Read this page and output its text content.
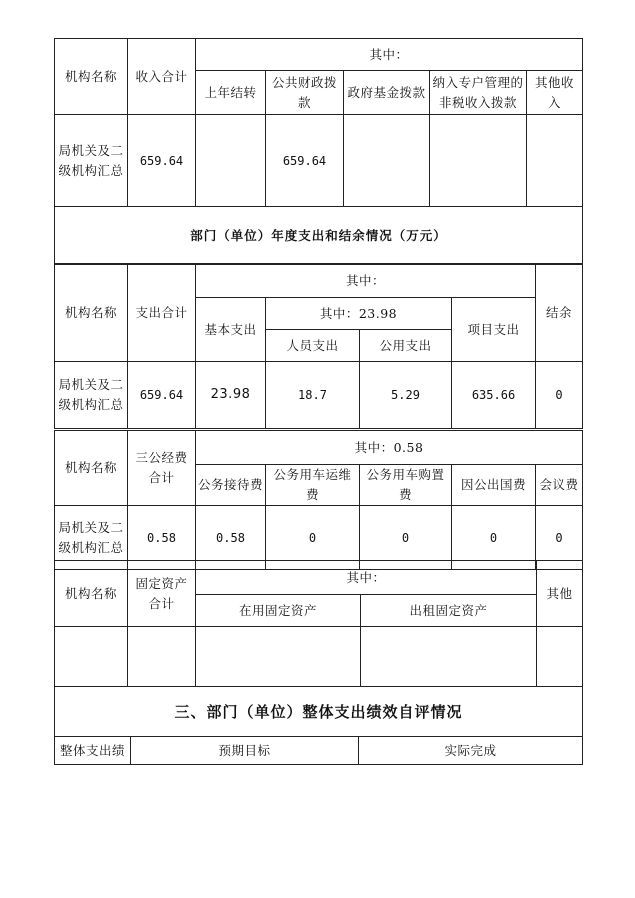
机构名称	收入合计	其中：				
		上年结转	公共财政拨款	政府基金拨款	纳入专户管理的非税收入拨款	其他收入
局机关及二级机构汇总	659.64		659.64			
部门（单位）年度支出和结余情况（万元）						
机构名称	支出合计	其中：				结余
		基本支出	其中：23.98		项目支出	
			人员支出	公用支出		
局机关及二级机构汇总	659.64	23.98	18.7	5.29	635.66	0
机构名称	三公经费合计	其中：0.58				
		公务接待费	公务用车运维费	公务用车购置费	因公出国费	会议费
局机关及二级机构汇总	0.58	0.58	0	0	0	0
机构名称	固定资产合计	其中：		其他
		在用固定资产	出租固定资产	

三、部门（单位）整体支出绩效自评情况
整体支出绩	预期目标	实际完成
